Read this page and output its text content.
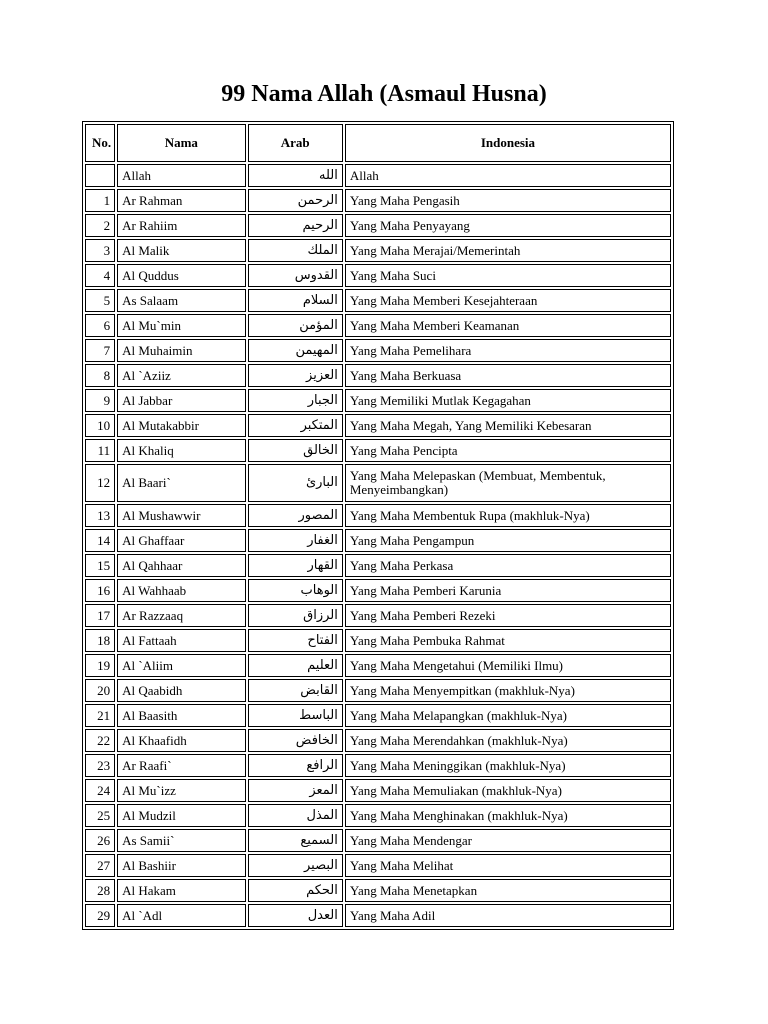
99 Nama Allah (Asmaul Husna)
No.	Nama	Arab	Indonesia
	Allah	الله	Allah
1	Ar Rahman	الرحمن	Yang Maha Pengasih
2	Ar Rahiim	الرحيم	Yang Maha Penyayang
3	Al Malik	الملك	Yang Maha Merajai/Memerintah
4	Al Quddus	القدوس	Yang Maha Suci
5	As Salaam	السلام	Yang Maha Memberi Kesejahteraan
6	Al Mu`min	المؤمن	Yang Maha Memberi Keamanan
7	Al Muhaimin	المهيمن	Yang Maha Pemelihara
8	Al `Aziiz	العزيز	Yang Maha Berkuasa
9	Al Jabbar	الجبار	Yang Memiliki Mutlak Kegagahan
10	Al Mutakabbir	المتكبر	Yang Maha Megah, Yang Memiliki Kebesaran
11	Al Khaliq	الخالق	Yang Maha Pencipta
12	Al Baari`	البارئ	Yang Maha Melepaskan (Membuat, Membentuk, Menyeimbangkan)
13	Al Mushawwir	المصور	Yang Maha Membentuk Rupa (makhluk-Nya)
14	Al Ghaffaar	الغفار	Yang Maha Pengampun
15	Al Qahhaar	القهار	Yang Maha Perkasa
16	Al Wahhaab	الوهاب	Yang Maha Pemberi Karunia
17	Ar Razzaaq	الرزاق	Yang Maha Pemberi Rezeki
18	Al Fattaah	الفتاح	Yang Maha Pembuka Rahmat
19	Al `Aliim	العليم	Yang Maha Mengetahui (Memiliki Ilmu)
20	Al Qaabidh	القابض	Yang Maha Menyempitkan (makhluk-Nya)
21	Al Baasith	الباسط	Yang Maha Melapangkan (makhluk-Nya)
22	Al Khaafidh	الخافض	Yang Maha Merendahkan (makhluk-Nya)
23	Ar Raafi`	الرافع	Yang Maha Meninggikan (makhluk-Nya)
24	Al Mu`izz	المعز	Yang Maha Memuliakan (makhluk-Nya)
25	Al Mudzil	المذل	Yang Maha Menghinakan (makhluk-Nya)
26	As Samii`	السميع	Yang Maha Mendengar
27	Al Bashiir	البصير	Yang Maha Melihat
28	Al Hakam	الحكم	Yang Maha Menetapkan
29	Al `Adl	العدل	Yang Maha Adil
